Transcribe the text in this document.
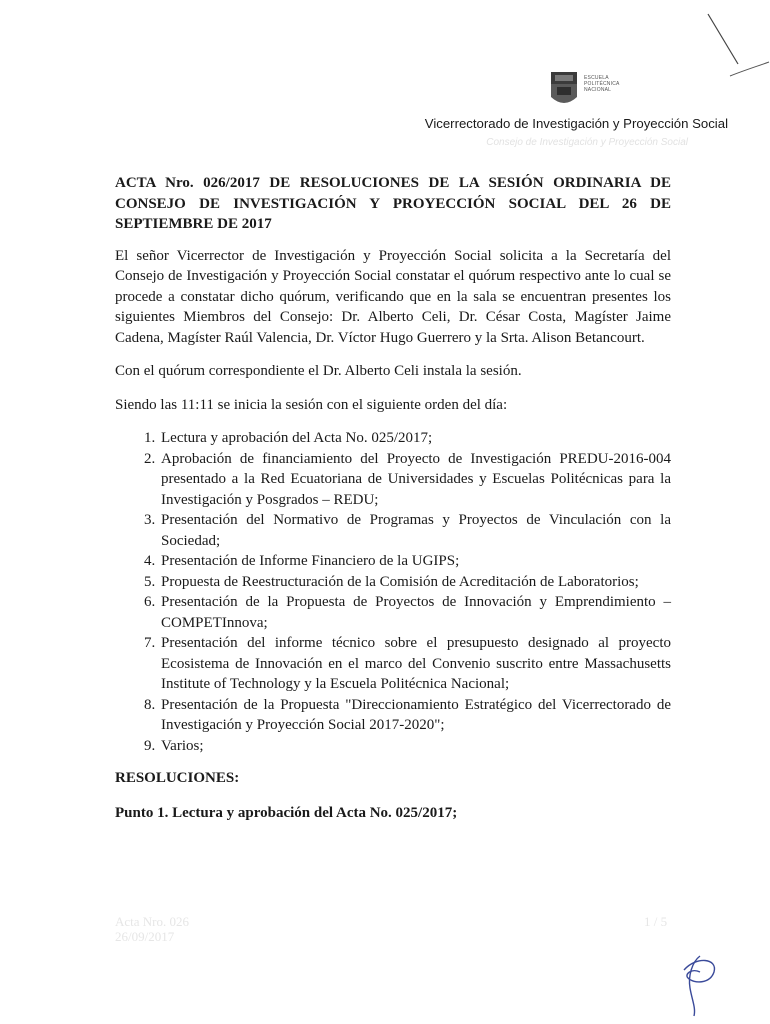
ESCUELA
POLITÉCNICA
NACIONAL
Vicerrectorado de Investigación y Proyección Social
Consejo de Investigación y Proyección Social
ACTA Nro. 026/2017 DE RESOLUCIONES DE LA SESIÓN ORDINARIA DE CONSEJO DE INVESTIGACIÓN Y PROYECCIÓN SOCIAL DEL 26 DE SEPTIEMBRE DE 2017

El señor Vicerrector de Investigación y Proyección Social solicita a la Secretaría del Consejo de Investigación y Proyección Social constatar el quórum respectivo ante lo cual se procede a constatar dicho quórum, verificando que en la sala se encuentran presentes los siguientes Miembros del Consejo: Dr. Alberto Celi, Dr. César Costa, Magíster Jaime Cadena, Magíster Raúl Valencia, Dr. Víctor Hugo Guerrero y la Srta. Alison Betancourt.

Con el quórum correspondiente el Dr. Alberto Celi instala la sesión.

Siendo las 11:11 se inicia la sesión con el siguiente orden del día:

1. Lectura y aprobación del Acta No. 025/2017;
2. Aprobación de financiamiento del Proyecto de Investigación PREDU-2016-004 presentado a la Red Ecuatoriana de Universidades y Escuelas Politécnicas para la Investigación y Posgrados – REDU;
3. Presentación del Normativo de Programas y Proyectos de Vinculación con la Sociedad;
4. Presentación de Informe Financiero de la UGIPS;
5. Propuesta de Reestructuración de la Comisión de Acreditación de Laboratorios;
6. Presentación de la Propuesta de Proyectos de Innovación y Emprendimiento – COMPETInnova;
7. Presentación del informe técnico sobre el presupuesto designado al proyecto Ecosistema de Innovación en el marco del Convenio suscrito entre Massachusetts Institute of Technology y la Escuela Politécnica Nacional;
8. Presentación de la Propuesta "Direccionamiento Estratégico del Vicerrectorado de Investigación y Proyección Social 2017-2020";
9. Varios;
RESOLUCIONES:
Punto 1. Lectura y aprobación del Acta No. 025/2017;
Acta Nro. 026
26/09/2017
1 / 5
